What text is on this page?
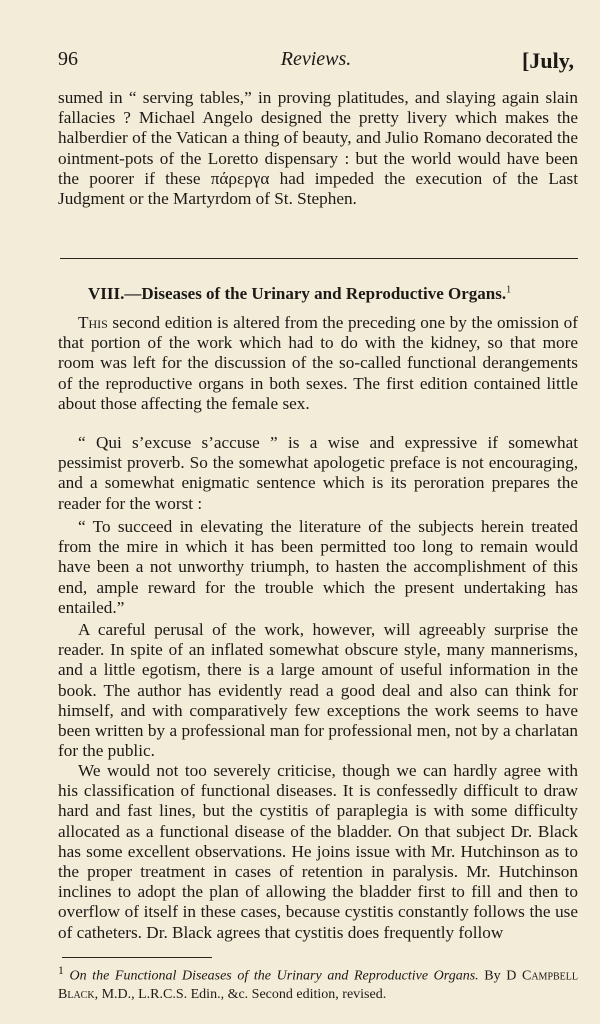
96	Reviews.	[July,

sumed in “ serving tables,” in proving platitudes, and slaying again slain fallacies ? Michael Angelo designed the pretty livery which makes the halberdier of the Vatican a thing of beauty, and Julio Romano decorated the ointment-pots of the Loretto dispensary : but the world would have been the poorer if these πάρεργα had impeded the execution of the Last Judgment or the Martyrdom of St. Stephen.

VIII.—Diseases of the Urinary and Reproductive Organs.$^1$

This second edition is altered from the preceding one by the omission of that portion of the work which had to do with the kidney, so that more room was left for the discussion of the so-called functional derangements of the reproductive organs in both sexes. The first edition contained little about those affecting the female sex.

“ Qui s’excuse s’accuse ” is a wise and expressive if somewhat pessimist proverb. So the somewhat apologetic preface is not encouraging, and a somewhat enigmatic sentence which is its peroration prepares the reader for the worst :

“ To succeed in elevating the literature of the subjects herein treated from the mire in which it has been permitted too long to remain would have been a not unworthy triumph, to hasten the accomplishment of this end, ample reward for the trouble which the present undertaking has entailed.”

A careful perusal of the work, however, will agreeably surprise the reader. In spite of an inflated somewhat obscure style, many mannerisms, and a little egotism, there is a large amount of useful information in the book. The author has evidently read a good deal and also can think for himself, and with comparatively few exceptions the work seems to have been written by a professional man for professional men, not by a charlatan for the public.

We would not too severely criticise, though we can hardly agree with his classification of functional diseases. It is confessedly difficult to draw hard and fast lines, but the cystitis of paraplegia is with some difficulty allocated as a functional disease of the bladder. On that subject Dr. Black has some excellent observations. He joins issue with Mr. Hutchinson as to the proper treatment in cases of retention in paralysis. Mr. Hutchinson inclines to adopt the plan of allowing the bladder first to fill and then to overflow of itself in these cases, because cystitis constantly follows the use of catheters. Dr. Black agrees that cystitis does frequently follow

$^1$ On the Functional Diseases of the Urinary and Reproductive Organs. By D Campbell Black, M.D., L.R.C.S. Edin., &c. Second edition, revised.
